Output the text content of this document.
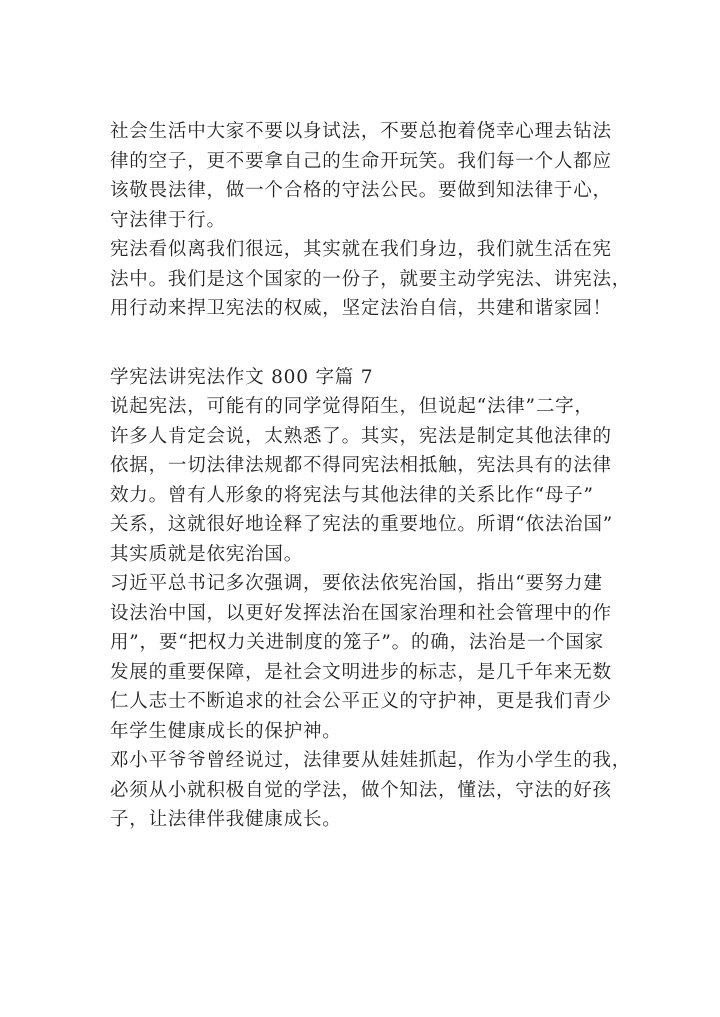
社会生活中大家不要以身试法，不要总抱着侥幸心理去钻法
律的空子，更不要拿自己的生命开玩笑。我们每一个人都应
该敬畏法律，做一个合格的守法公民。要做到知法律于心，
守法律于行。
宪法看似离我们很远，其实就在我们身边，我们就生活在宪
法中。我们是这个国家的一份子，就要主动学宪法、讲宪法，
用行动来捍卫宪法的权威，坚定法治自信，共建和谐家园！
学宪法讲宪法作文 800 字篇 7
说起宪法，可能有的同学觉得陌生，但说起“法律”二字，
许多人肯定会说，太熟悉了。其实，宪法是制定其他法律的
依据，一切法律法规都不得同宪法相抵触，宪法具有的法律
效力。曾有人形象的将宪法与其他法律的关系比作“母子”
关系，这就很好地诠释了宪法的重要地位。所谓“依法治国”
其实质就是依宪治国。
习近平总书记多次强调，要依法依宪治国，指出“要努力建
设法治中国，以更好发挥法治在国家治理和社会管理中的作
用”，要“把权力关进制度的笼子”。的确，法治是一个国家
发展的重要保障，是社会文明进步的标志，是几千年来无数
仁人志士不断追求的社会公平正义的守护神，更是我们青少
年学生健康成长的保护神。
邓小平爷爷曾经说过，法律要从娃娃抓起，作为小学生的我，
必须从小就积极自觉的学法，做个知法，懂法，守法的好孩
子，让法律伴我健康成长。
